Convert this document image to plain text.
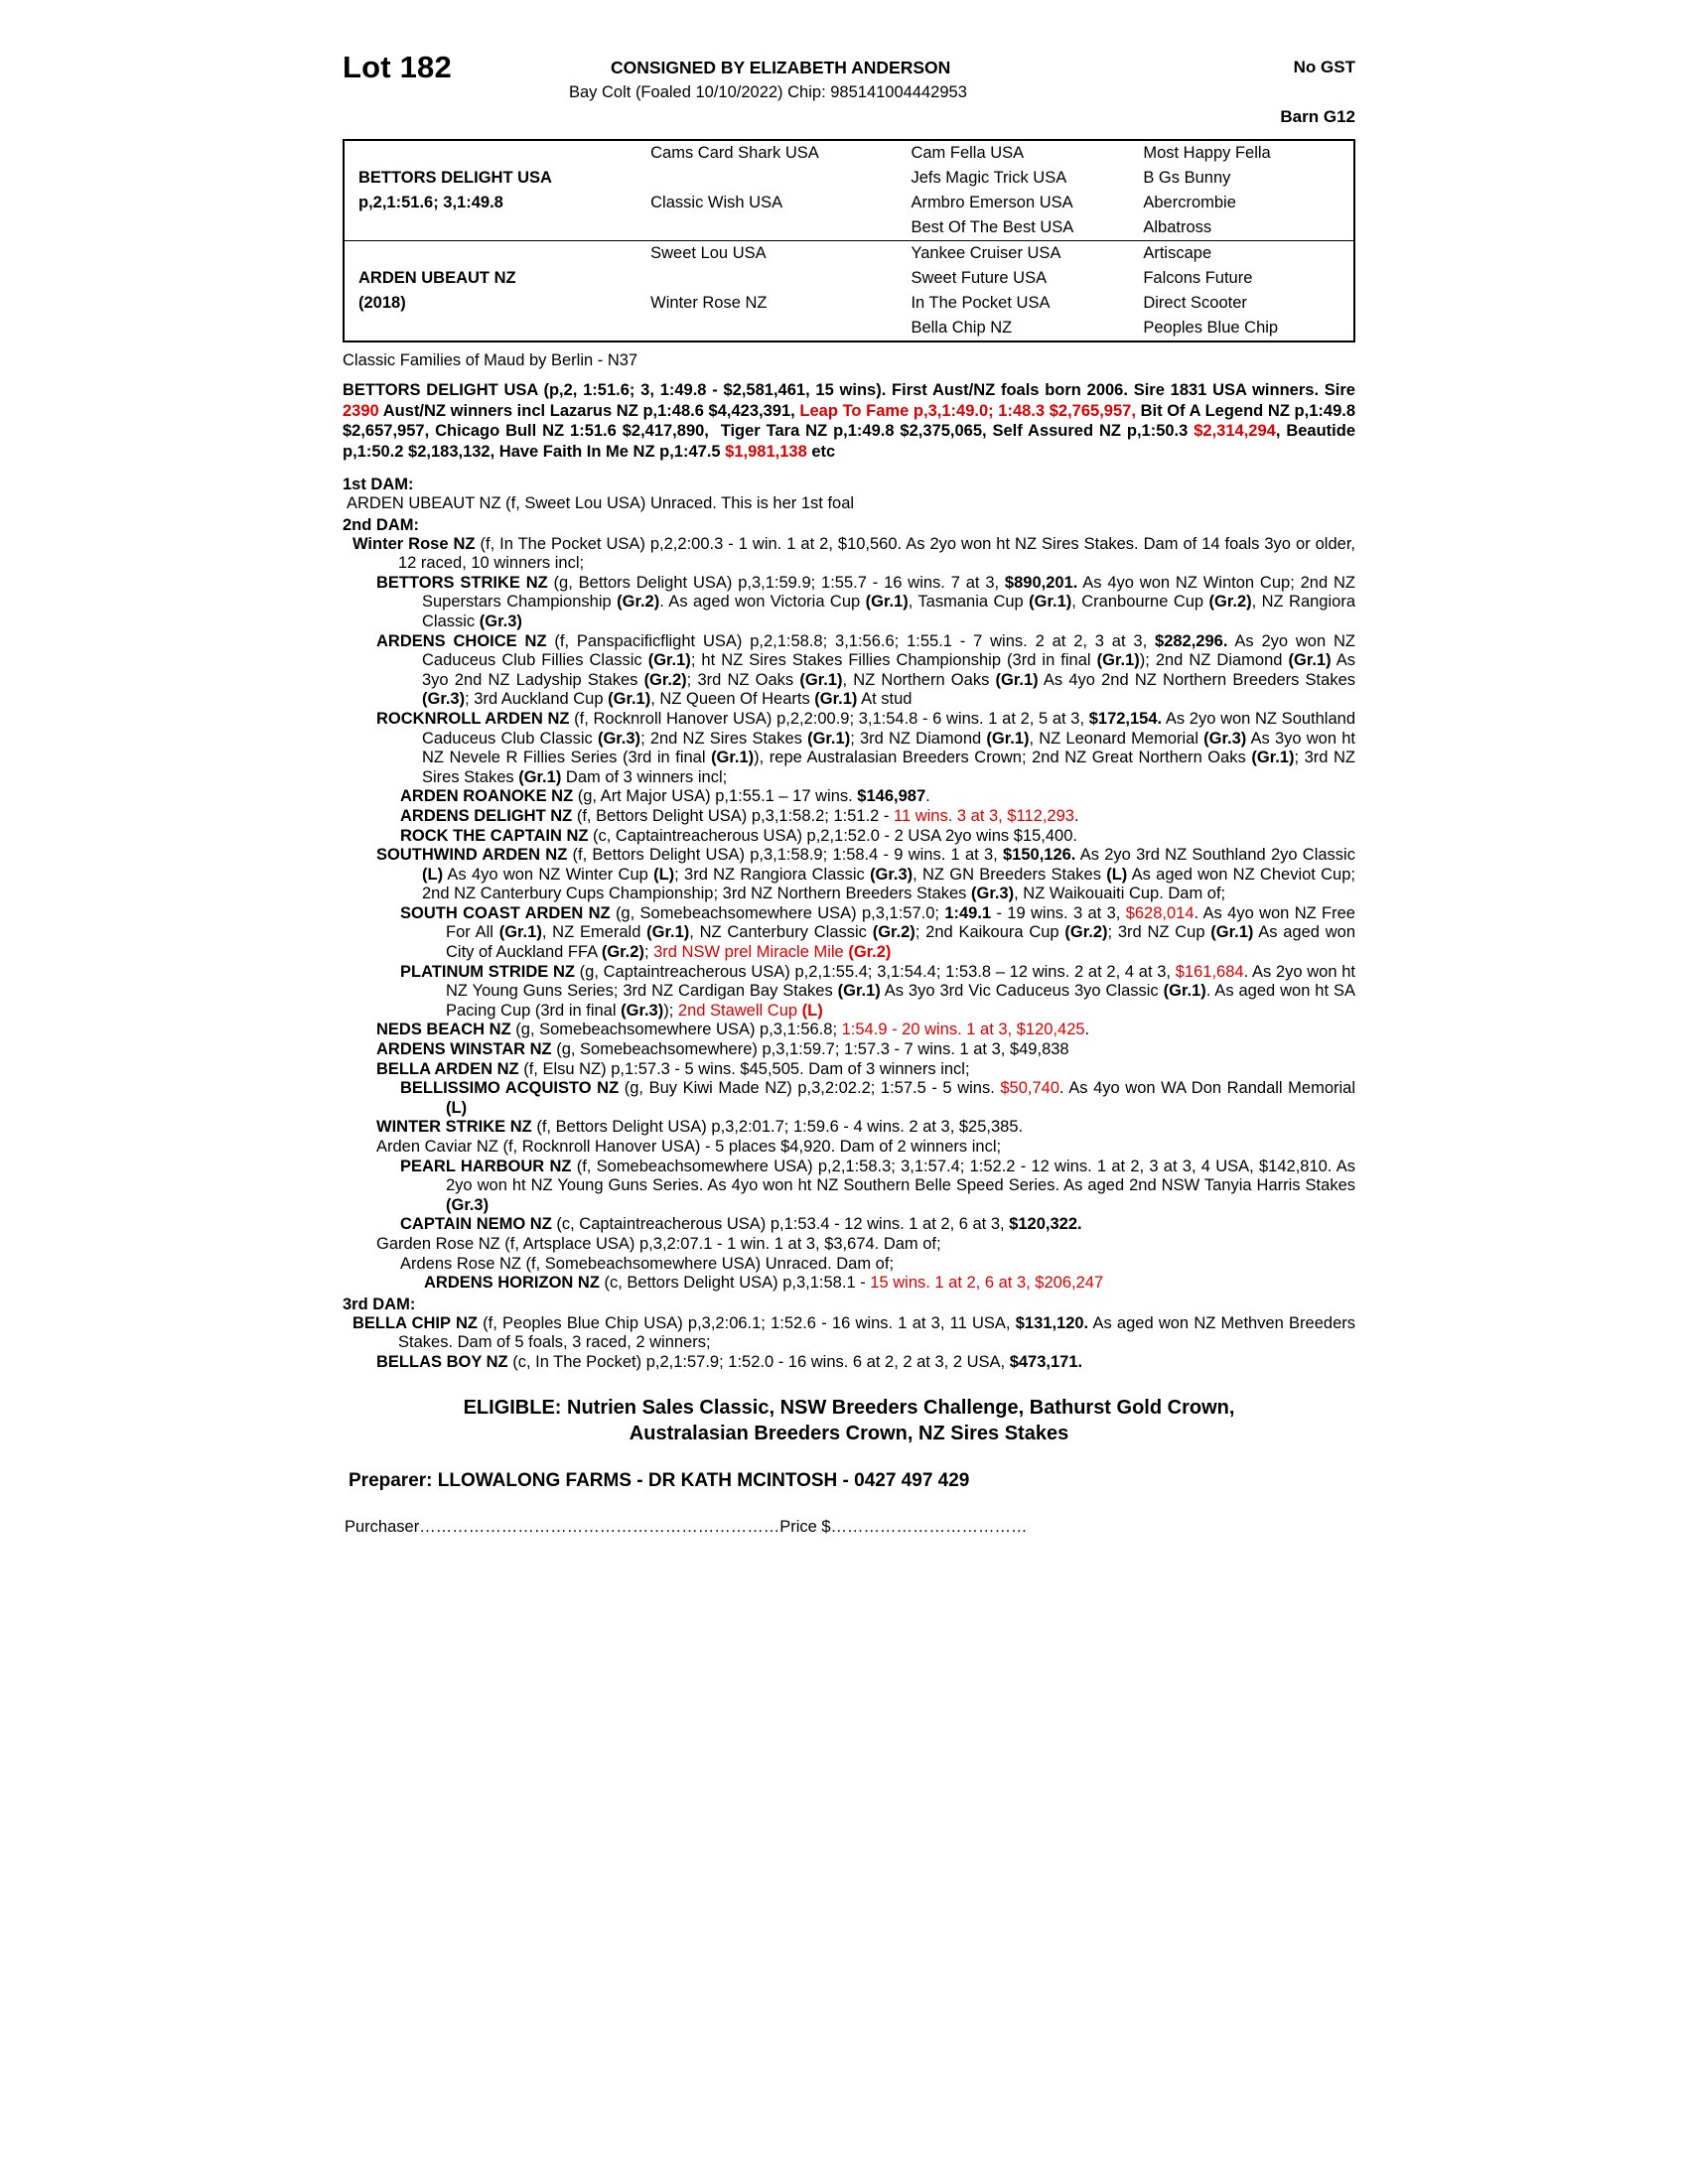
Lot 182	CONSIGNED BY ELIZABETH ANDERSON
Bay Colt (Foaled 10/10/2022) Chip: 985141004442953
No GST
Barn G12
	Cams Card Shark USA	Cam Fella USA	Most Happy Fella
BETTORS DELIGHT USA		Jefs Magic Trick USA	B Gs Bunny
p,2,1:51.6; 3,1:49.8	Classic Wish USA	Armbro Emerson USA	Abercrombie
		Best Of The Best USA	Albatross
	Sweet Lou USA	Yankee Cruiser USA	Artiscape
ARDEN UBEAUT NZ		Sweet Future USA	Falcons Future
(2018)	Winter Rose NZ	In The Pocket USA	Direct Scooter
		Bella Chip NZ	Peoples Blue Chip
Classic Families of Maud by Berlin - N37
BETTORS DELIGHT USA (p,2, 1:51.6; 3, 1:49.8 - $2,581,461, 15 wins). First Aust/NZ foals born 2006. Sire 1831 USA winners. Sire 2390 Aust/NZ winners incl Lazarus NZ p,1:48.6 $4,423,391, Leap To Fame p,3,1:49.0; 1:48.3 $2,765,957, Bit Of A Legend NZ p,1:49.8 $2,657,957, Chicago Bull NZ 1:51.6 $2,417,890,  Tiger Tara NZ p,1:49.8 $2,375,065, Self Assured NZ p,1:50.3 $2,314,294, Beautide p,1:50.2 $2,183,132, Have Faith In Me NZ p,1:47.5 $1,981,138 etc
1st DAM:
ARDEN UBEAUT NZ (f, Sweet Lou USA) Unraced. This is her 1st foal
2nd DAM:
Winter Rose NZ (f, In The Pocket USA) p,2,2:00.3 - 1 win. 1 at 2, $10,560. As 2yo won ht NZ Sires Stakes. Dam of 14 foals 3yo or older, 12 raced, 10 winners incl;
BETTORS STRIKE NZ (g, Bettors Delight USA) p,3,1:59.9; 1:55.7 - 16 wins. 7 at 3, $890,201. As 4yo won NZ Winton Cup; 2nd NZ Superstars Championship (Gr.2). As aged won Victoria Cup (Gr.1), Tasmania Cup (Gr.1), Cranbourne Cup (Gr.2), NZ Rangiora Classic (Gr.3)
ARDENS CHOICE NZ (f, Panspacificflight USA) p,2,1:58.8; 3,1:56.6; 1:55.1 - 7 wins. 2 at 2, 3 at 3, $282,296. As 2yo won NZ Caduceus Club Fillies Classic (Gr.1); ht NZ Sires Stakes Fillies Championship (3rd in final (Gr.1)); 2nd NZ Diamond (Gr.1) As 3yo 2nd NZ Ladyship Stakes (Gr.2); 3rd NZ Oaks (Gr.1), NZ Northern Oaks (Gr.1) As 4yo 2nd NZ Northern Breeders Stakes (Gr.3); 3rd Auckland Cup (Gr.1), NZ Queen Of Hearts (Gr.1) At stud
ROCKNROLL ARDEN NZ (f, Rocknroll Hanover USA) p,2,2:00.9; 3,1:54.8 - 6 wins. 1 at 2, 5 at 3, $172,154. As 2yo won NZ Southland Caduceus Club Classic (Gr.3); 2nd NZ Sires Stakes (Gr.1); 3rd NZ Diamond (Gr.1), NZ Leonard Memorial (Gr.3) As 3yo won ht NZ Nevele R Fillies Series (3rd in final (Gr.1)), repe Australasian Breeders Crown; 2nd NZ Great Northern Oaks (Gr.1); 3rd NZ Sires Stakes (Gr.1) Dam of 3 winners incl;
ARDEN ROANOKE NZ (g, Art Major USA) p,1:55.1 – 17 wins. $146,987.
ARDENS DELIGHT NZ (f, Bettors Delight USA) p,3,1:58.2; 1:51.2 - 11 wins. 3 at 3, $112,293.
ROCK THE CAPTAIN NZ (c, Captaintreacherous USA) p,2,1:52.0 - 2 USA 2yo wins $15,400.
SOUTHWIND ARDEN NZ (f, Bettors Delight USA) p,3,1:58.9; 1:58.4 - 9 wins. 1 at 3, $150,126. As 2yo 3rd NZ Southland 2yo Classic (L) As 4yo won NZ Winter Cup (L); 3rd NZ Rangiora Classic (Gr.3), NZ GN Breeders Stakes (L) As aged won NZ Cheviot Cup; 2nd NZ Canterbury Cups Championship; 3rd NZ Northern Breeders Stakes (Gr.3), NZ Waikouaiti Cup. Dam of;
SOUTH COAST ARDEN NZ (g, Somebeachsomewhere USA) p,3,1:57.0; 1:49.1 - 19 wins. 3 at 3, $628,014. As 4yo won NZ Free For All (Gr.1), NZ Emerald (Gr.1), NZ Canterbury Classic (Gr.2); 2nd Kaikoura Cup (Gr.2); 3rd NZ Cup (Gr.1) As aged won City of Auckland FFA (Gr.2); 3rd NSW prel Miracle Mile (Gr.2)
PLATINUM STRIDE NZ (g, Captaintreacherous USA) p,2,1:55.4; 3,1:54.4; 1:53.8 – 12 wins. 2 at 2, 4 at 3, $161,684. As 2yo won ht NZ Young Guns Series; 3rd NZ Cardigan Bay Stakes (Gr.1) As 3yo 3rd Vic Caduceus 3yo Classic (Gr.1). As aged won ht SA Pacing Cup (3rd in final (Gr.3)); 2nd Stawell Cup (L)
NEDS BEACH NZ (g, Somebeachsomewhere USA) p,3,1:56.8; 1:54.9 - 20 wins. 1 at 3, $120,425.
ARDENS WINSTAR NZ (g, Somebeachsomewhere) p,3,1:59.7; 1:57.3 - 7 wins. 1 at 3, $49,838
BELLA ARDEN NZ (f, Elsu NZ) p,1:57.3 - 5 wins. $45,505. Dam of 3 winners incl;
BELLISSIMO ACQUISTO NZ (g, Buy Kiwi Made NZ) p,3,2:02.2; 1:57.5 - 5 wins. $50,740. As 4yo won WA Don Randall Memorial (L)
WINTER STRIKE NZ (f, Bettors Delight USA) p,3,2:01.7; 1:59.6 - 4 wins. 2 at 3, $25,385.
Arden Caviar NZ (f, Rocknroll Hanover USA) - 5 places $4,920. Dam of 2 winners incl;
PEARL HARBOUR NZ (f, Somebeachsomewhere USA) p,2,1:58.3; 3,1:57.4; 1:52.2 - 12 wins. 1 at 2, 3 at 3, 4 USA, $142,810. As 2yo won ht NZ Young Guns Series. As 4yo won ht NZ Southern Belle Speed Series. As aged 2nd NSW Tanyia Harris Stakes (Gr.3)
CAPTAIN NEMO NZ (c, Captaintreacherous USA) p,1:53.4 - 12 wins. 1 at 2, 6 at 3, $120,322.
Garden Rose NZ (f, Artsplace USA) p,3,2:07.1 - 1 win. 1 at 3, $3,674. Dam of;
Ardens Rose NZ (f, Somebeachsomewhere USA) Unraced. Dam of;
ARDENS HORIZON NZ (c, Bettors Delight USA) p,3,1:58.1 - 15 wins. 1 at 2, 6 at 3, $206,247
3rd DAM:
BELLA CHIP NZ (f, Peoples Blue Chip USA) p,3,2:06.1; 1:52.6 - 16 wins. 1 at 3, 11 USA, $131,120. As aged won NZ Methven Breeders Stakes. Dam of 5 foals, 3 raced, 2 winners;
BELLAS BOY NZ (c, In The Pocket) p,2,1:57.9; 1:52.0 - 16 wins. 6 at 2, 2 at 3, 2 USA, $473,171.
ELIGIBLE: Nutrien Sales Classic, NSW Breeders Challenge, Bathurst Gold Crown,
Australasian Breeders Crown, NZ Sires Stakes
Preparer: LLOWALONG FARMS - DR KATH MCINTOSH - 0427 497 429
Purchaser…………………………………………………………Price $………………………………
